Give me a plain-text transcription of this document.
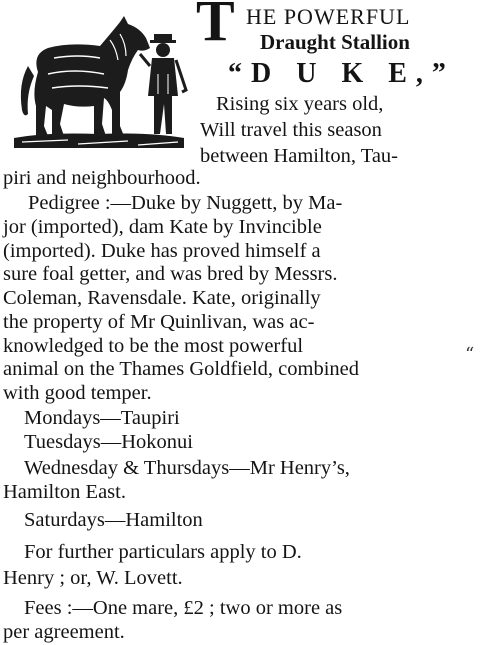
T HE POWERFUL
Draught Stallion
“D U K E,”
Rising six years old,
Will travel this season
between Hamilton, Tau-
piri and neighbourhood.
Pedigree :—Duke by Nuggett, by Ma-
jor (imported), dam Kate by Invincible
(imported). Duke has proved himself a
sure foal getter, and was bred by Messrs.
Coleman, Ravensdale. Kate, originally
the property of Mr Quinlivan, was ac-
knowledged to be the most powerful
animal on the Thames Goldfield, combined
with good temper.
Mondays—Taupiri
Tuesdays—Hokonui
Wednesday & Thursdays—Mr Henry’s,
Hamilton East.
Saturdays—Hamilton
For further particulars apply to D.
Henry ; or, W. Lovett.
Fees :—One mare, £2 ; two or more as
per agreement.
“
